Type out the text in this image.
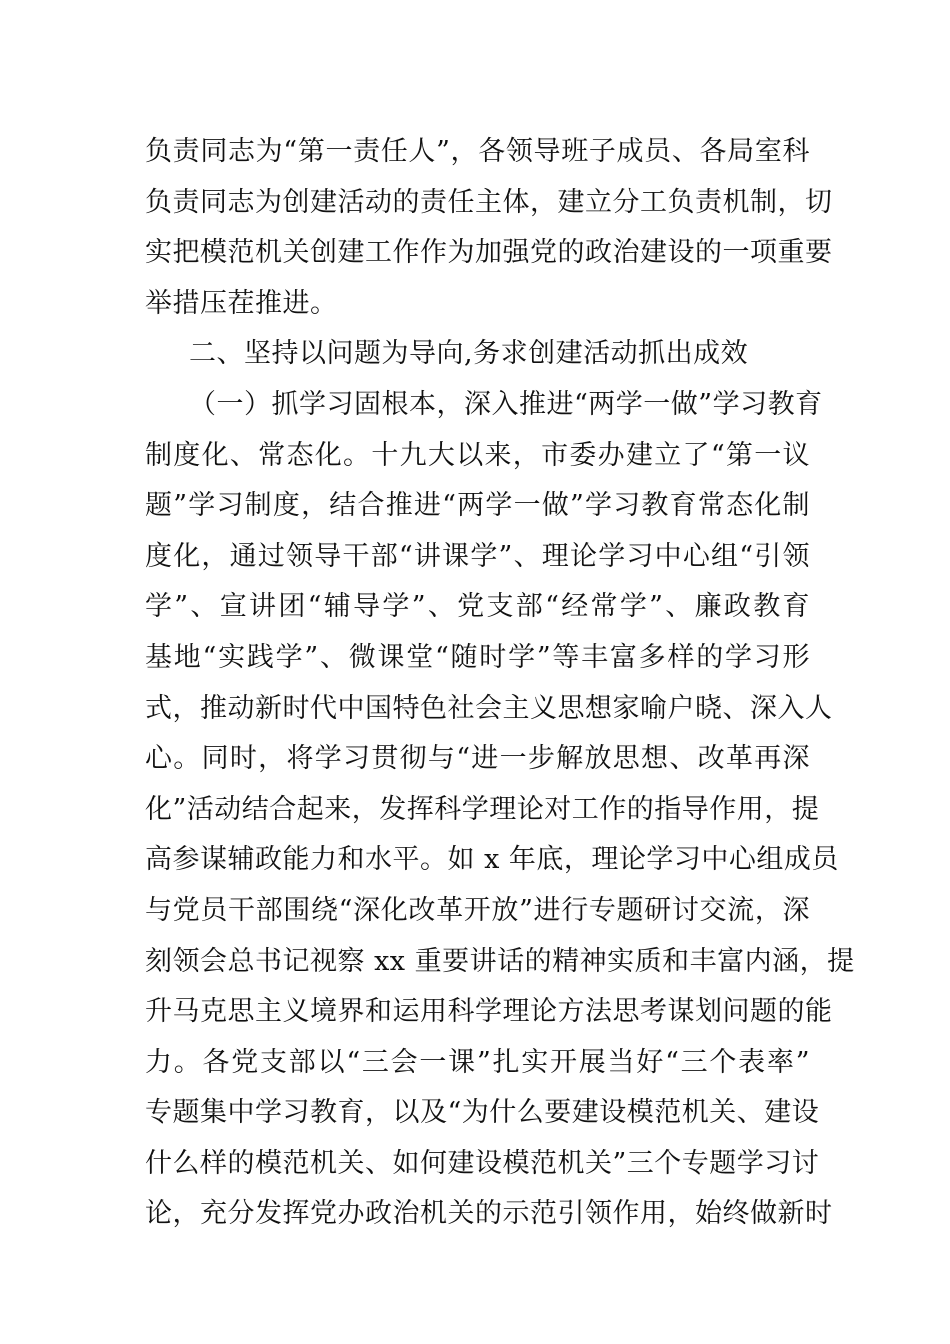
负责同志为“第一责任人”，各领导班子成员、各局室科
负责同志为创建活动的责任主体，建立分工负责机制，切
实把模范机关创建工作作为加强党的政治建设的一项重要
举措压茬推进。
二、坚持以问题为导向,务求创建活动抓出成效
（一）抓学习固根本，深入推进“两学一做”学习教育
制度化、常态化。十九大以来，市委办建立了“第一议
题”学习制度，结合推进“两学一做”学习教育常态化制
度化，通过领导干部“讲课学”、理论学习中心组“引领
学”、宣讲团“辅导学”、党支部“经常学”、廉政教育
基地“实践学”、微课堂“随时学”等丰富多样的学习形
式，推动新时代中国特色社会主义思想家喻户晓、深入人
心。同时，将学习贯彻与“进一步解放思想、改革再深
化”活动结合起来，发挥科学理论对工作的指导作用，提
高参谋辅政能力和水平。如 x 年底，理论学习中心组成员
与党员干部围绕“深化改革开放”进行专题研讨交流，深
刻领会总书记视察 xx 重要讲话的精神实质和丰富内涵，提
升马克思主义境界和运用科学理论方法思考谋划问题的能
力。各党支部以“三会一课”扎实开展当好“三个表率”
专题集中学习教育，以及“为什么要建设模范机关、建设
什么样的模范机关、如何建设模范机关”三个专题学习讨
论，充分发挥党办政治机关的示范引领作用，始终做新时
